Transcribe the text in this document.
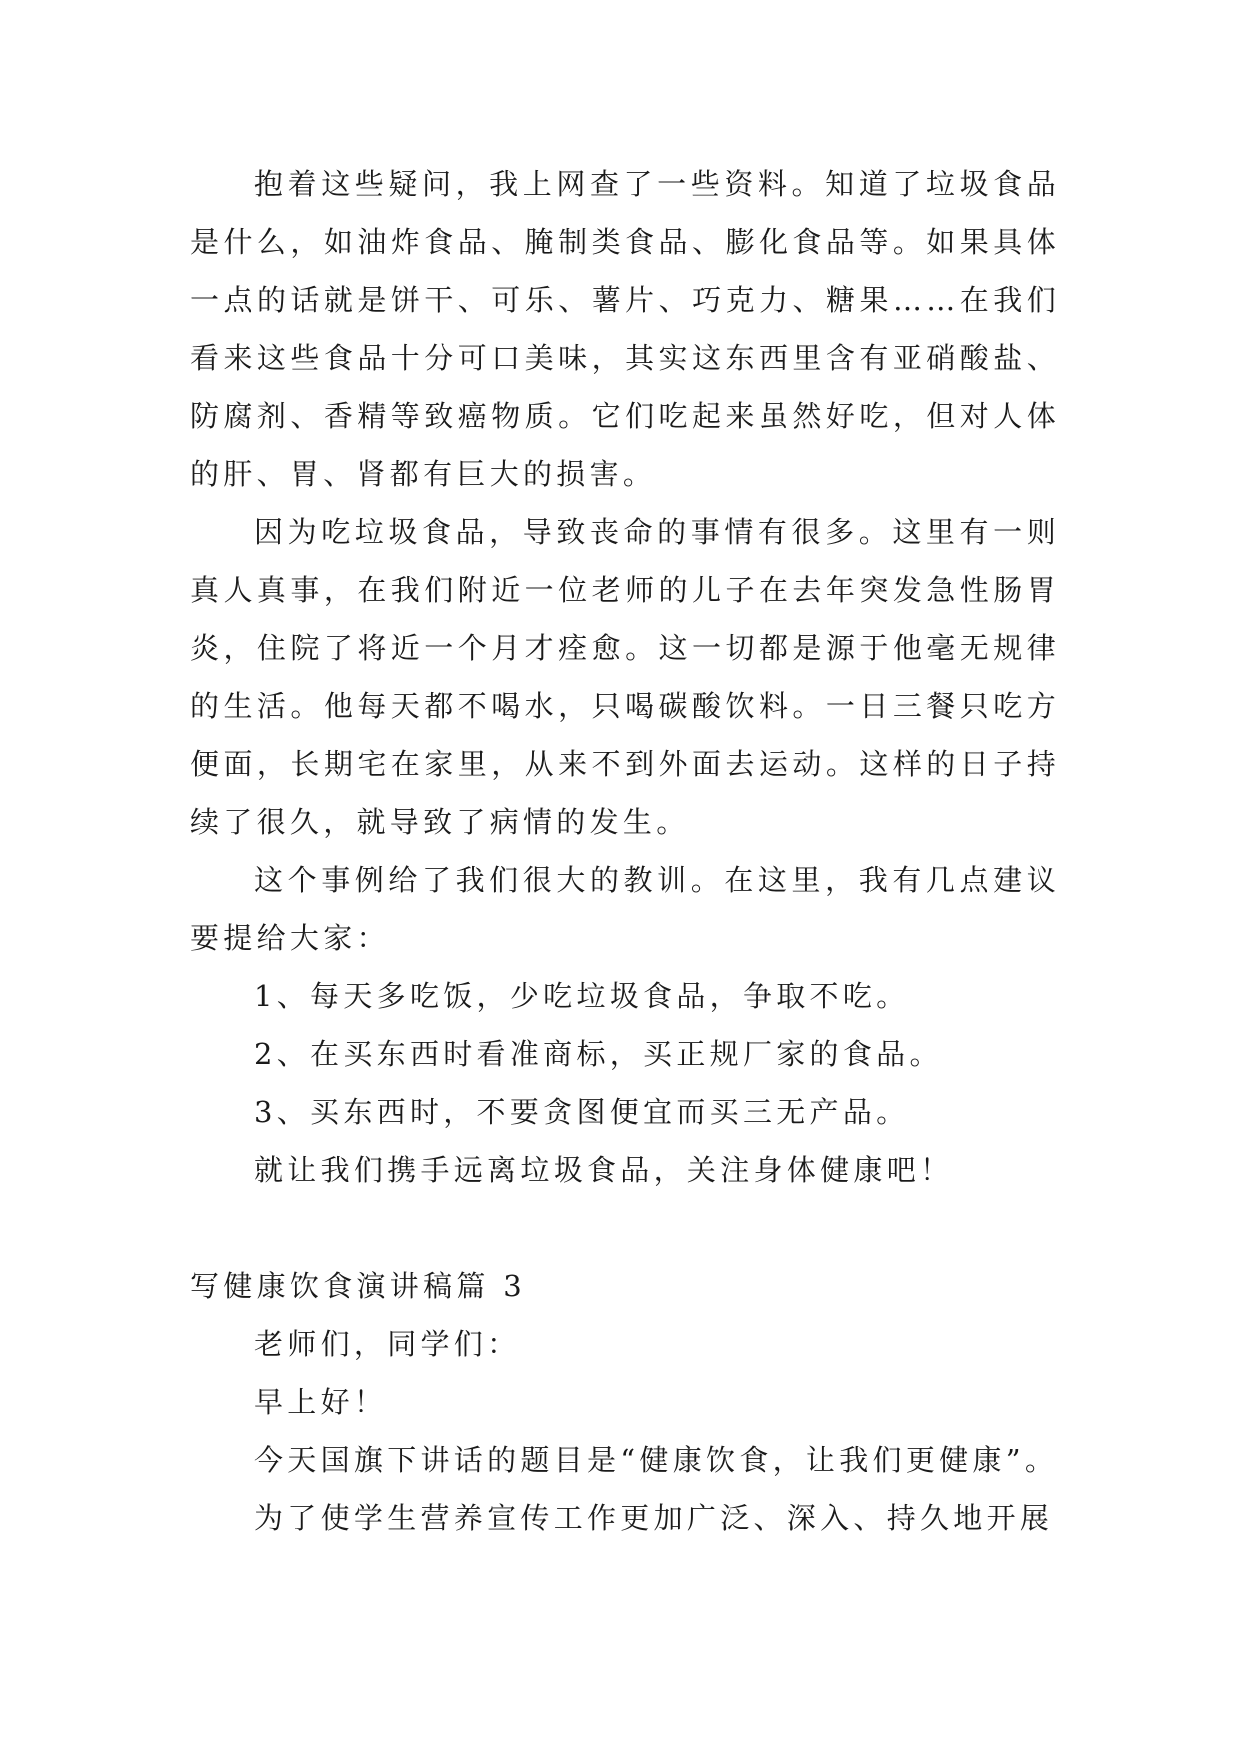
抱着这些疑问，我上网查了一些资料。知道了垃圾食品是什么，如油炸食品、腌制类食品、膨化食品等。如果具体一点的话就是饼干、可乐、薯片、巧克力、糖果……在我们看来这些食品十分可口美味，其实这东西里含有亚硝酸盐、防腐剂、香精等致癌物质。它们吃起来虽然好吃，但对人体的肝、胃、肾都有巨大的损害。

因为吃垃圾食品，导致丧命的事情有很多。这里有一则真人真事，在我们附近一位老师的儿子在去年突发急性肠胃炎，住院了将近一个月才痊愈。这一切都是源于他毫无规律的生活。他每天都不喝水，只喝碳酸饮料。一日三餐只吃方便面，长期宅在家里，从来不到外面去运动。这样的日子持续了很久，就导致了病情的发生。

这个事例给了我们很大的教训。在这里，我有几点建议要提给大家：

1、每天多吃饭，少吃垃圾食品，争取不吃。

2、在买东西时看准商标，买正规厂家的食品。

3、买东西时，不要贪图便宜而买三无产品。

就让我们携手远离垃圾食品，关注身体健康吧！

写健康饮食演讲稿篇 3

老师们，同学们：

早上好！

今天国旗下讲话的题目是“健康饮食，让我们更健康”。

为了使学生营养宣传工作更加广泛、深入、持久地开展
